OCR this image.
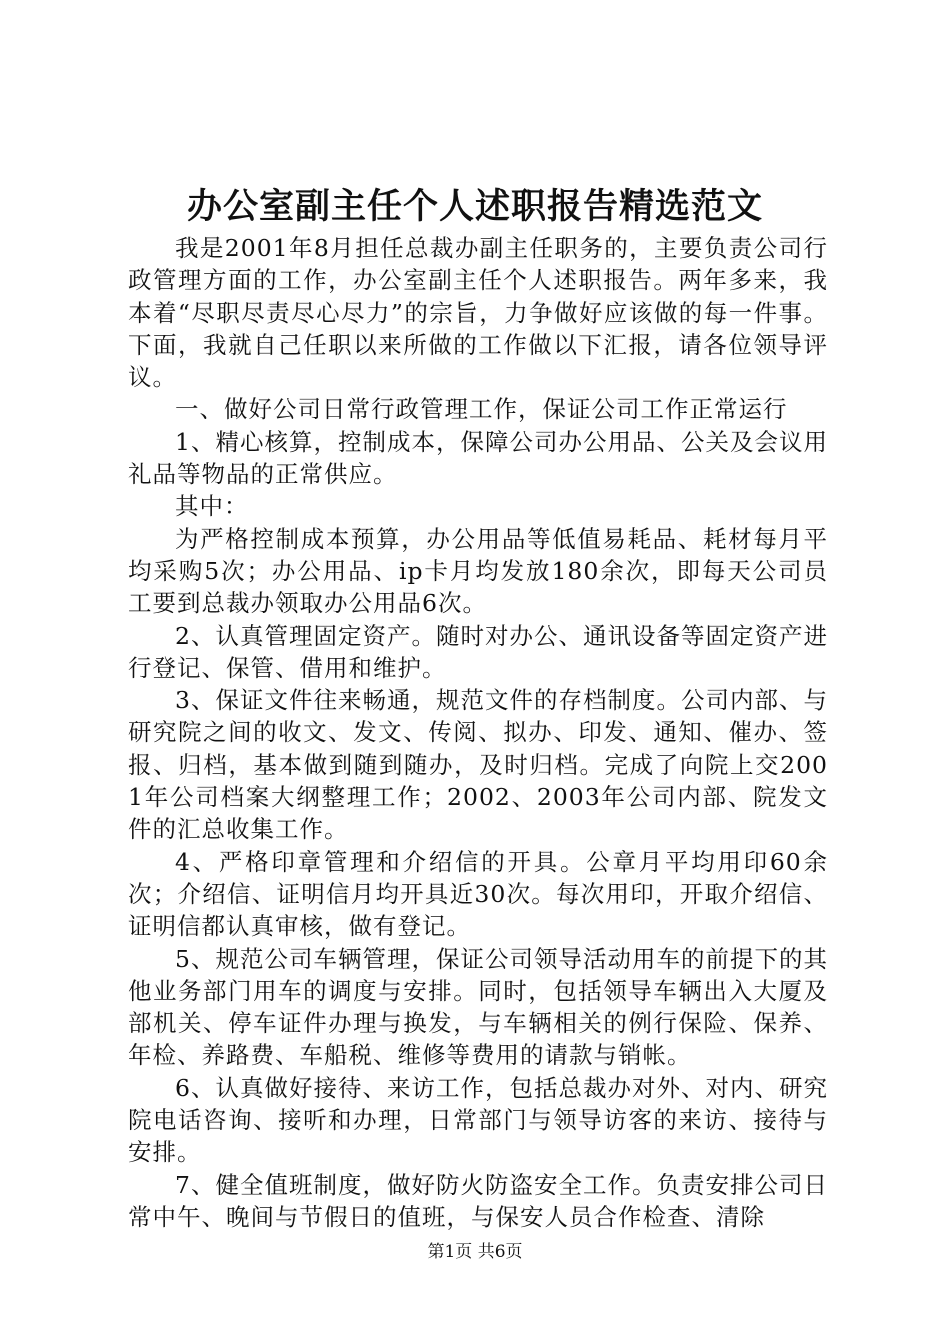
办公室副主任个人述职报告精选范文

我是2001年8月担任总裁办副主任职务的，主要负责公司行政管理方面的工作，办公室副主任个人述职报告。两年多来，我本着“尽职尽责尽心尽力”的宗旨，力争做好应该做的每一件事。下面，我就自己任职以来所做的工作做以下汇报，请各位领导评议。

一、做好公司日常行政管理工作，保证公司工作正常运行

1、精心核算，控制成本，保障公司办公用品、公关及会议用礼品等物品的正常供应。

其中：

为严格控制成本预算，办公用品等低值易耗品、耗材每月平均采购5次；办公用品、ip卡月均发放180余次，即每天公司员工要到总裁办领取办公用品6次。

2、认真管理固定资产。随时对办公、通讯设备等固定资产进行登记、保管、借用和维护。

3、保证文件往来畅通，规范文件的存档制度。公司内部、与研究院之间的收文、发文、传阅、拟办、印发、通知、催办、签报、归档，基本做到随到随办，及时归档。完成了向院上交2001年公司档案大纲整理工作；2002、2003年公司内部、院发文件的汇总收集工作。

4、严格印章管理和介绍信的开具。公章月平均用印60余次；介绍信、证明信月均开具近30次。每次用印，开取介绍信、证明信都认真审核，做有登记。

5、规范公司车辆管理，保证公司领导活动用车的前提下的其他业务部门用车的调度与安排。同时，包括领导车辆出入大厦及部机关、停车证件办理与换发，与车辆相关的例行保险、保养、年检、养路费、车船税、维修等费用的请款与销帐。

6、认真做好接待、来访工作，包括总裁办对外、对内、研究院电话咨询、接听和办理，日常部门与领导访客的来访、接待与安排。

7、健全值班制度，做好防火防盗安全工作。负责安排公司日常中午、晚间与节假日的值班，与保安人员合作检查、清除

第1页 共6页
